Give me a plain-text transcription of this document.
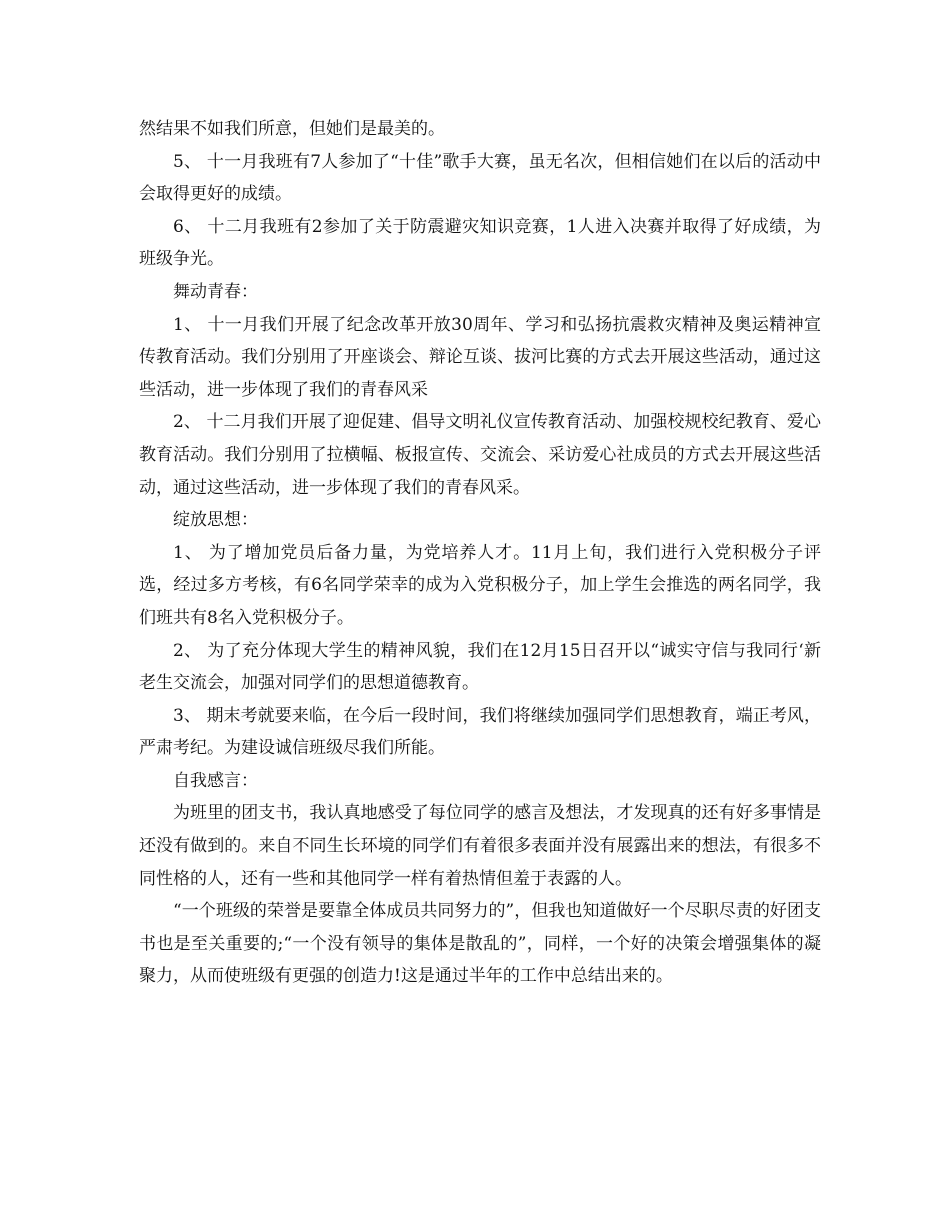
然结果不如我们所意，但她们是最美的。

5、 十一月我班有7人参加了“十佳”歌手大赛，虽无名次，但相信她们在以后的活动中会取得更好的成绩。

6、 十二月我班有2参加了关于防震避灾知识竞赛，1人进入决赛并取得了好成绩，为班级争光。

舞动青春：

1、 十一月我们开展了纪念改革开放30周年、学习和弘扬抗震救灾精神及奥运精神宣传教育活动。我们分别用了开座谈会、辩论互谈、拔河比赛的方式去开展这些活动，通过这些活动，进一步体现了我们的青春风采

2、 十二月我们开展了迎促建、倡导文明礼仪宣传教育活动、加强校规校纪教育、爱心教育活动。我们分别用了拉横幅、板报宣传、交流会、采访爱心社成员的方式去开展这些活动，通过这些活动，进一步体现了我们的青春风采。

绽放思想：

1、 为了增加党员后备力量，为党培养人才。11月上旬，我们进行入党积极分子评选，经过多方考核，有6名同学荣幸的成为入党积极分子，加上学生会推选的两名同学，我们班共有8名入党积极分子。

2、 为了充分体现大学生的精神风貌，我们在12月15日召开以“诚实守信与我同行‘新老生交流会，加强对同学们的思想道德教育。

3、 期末考就要来临，在今后一段时间，我们将继续加强同学们思想教育，端正考风，严肃考纪。为建设诚信班级尽我们所能。

自我感言：

为班里的团支书，我认真地感受了每位同学的感言及想法，才发现真的还有好多事情是还没有做到的。来自不同生长环境的同学们有着很多表面并没有展露出来的想法，有很多不同性格的人，还有一些和其他同学一样有着热情但羞于表露的人。

“一个班级的荣誉是要靠全体成员共同努力的”，但我也知道做好一个尽职尽责的好团支书也是至关重要的;“一个没有领导的集体是散乱的”，同样，一个好的决策会增强集体的凝聚力，从而使班级有更强的创造力!这是通过半年的工作中总结出来的。
